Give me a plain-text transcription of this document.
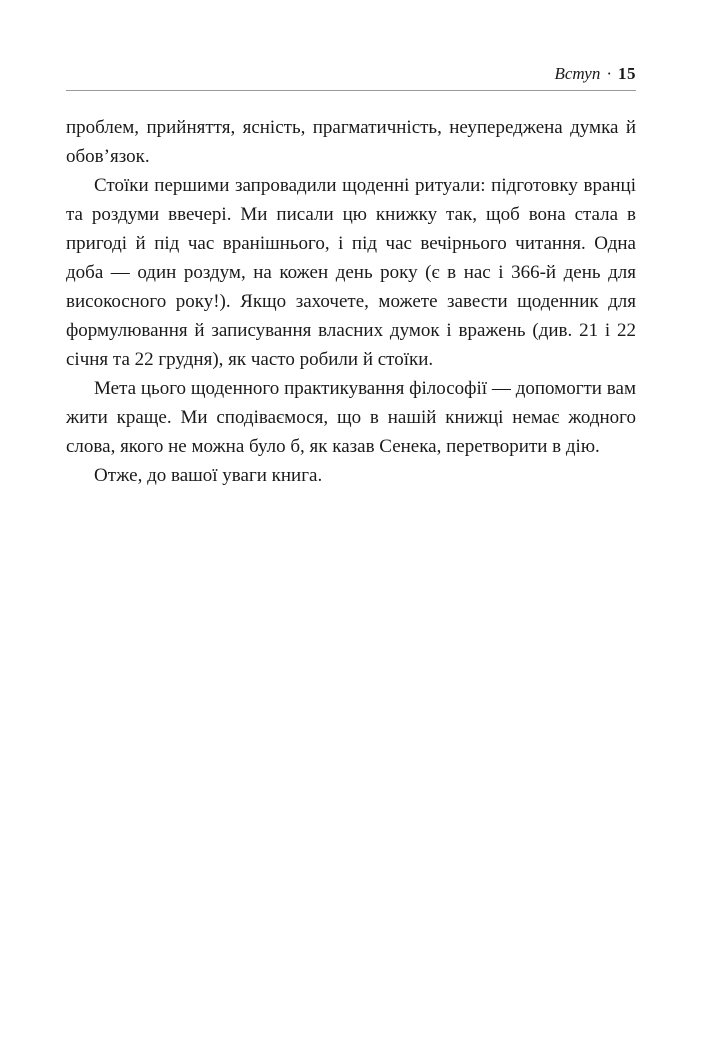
Вступ · 15

проблем, прийняття, ясність, прагматичність, неупереджена думка й обов’язок.

Стоїки першими запровадили щоденні ритуали: підготовку вранці та роздуми ввечері. Ми писали цю книжку так, щоб вона стала в пригоді й під час вранішнього, і під час вечірнього читання. Одна доба — один роздум, на кожен день року (є в нас і 366-й день для високосного року!). Якщо захочете, можете завести щоденник для формулювання й записування власних думок і вражень (див. 21 і 22 січня та 22 грудня), як часто робили й стоїки.

Мета цього щоденного практикування філософії — допомогти вам жити краще. Ми сподіваємося, що в нашій книжці немає жодного слова, якого не можна було б, як казав Сенека, перетворити в дію.

Отже, до вашої уваги книга.
